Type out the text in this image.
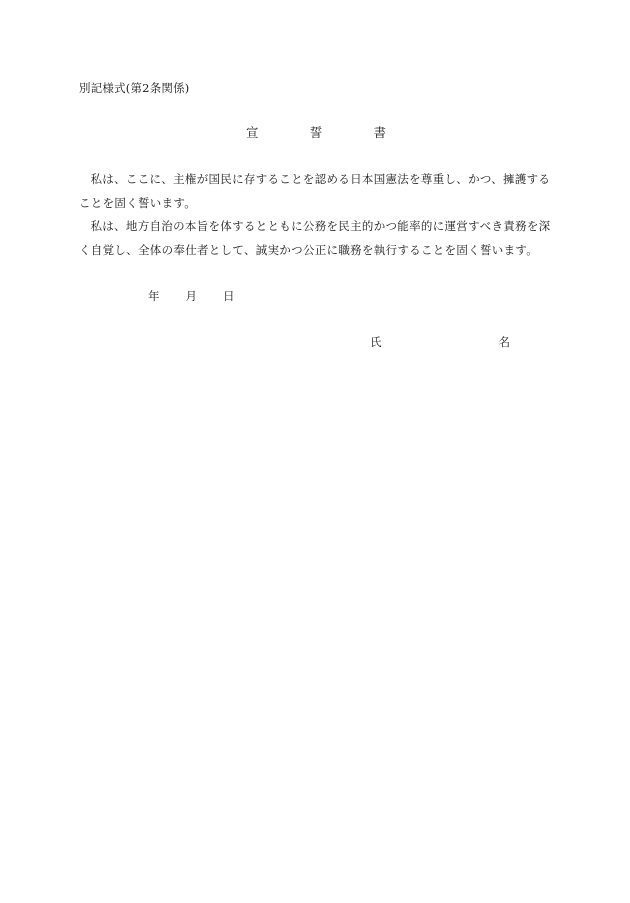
別記様式(第2条関係)
宣	誓	書

私は、ここに、主権が国民に存することを認める日本国憲法を尊重し、かつ、擁護することを固く誓います。

私は、地方自治の本旨を体するとともに公務を民主的かつ能率的に運営すべき責務を深く自覚し、全体の奉仕者として、誠実かつ公正に職務を執行することを固く誓います。

年 月 日
氏	名
